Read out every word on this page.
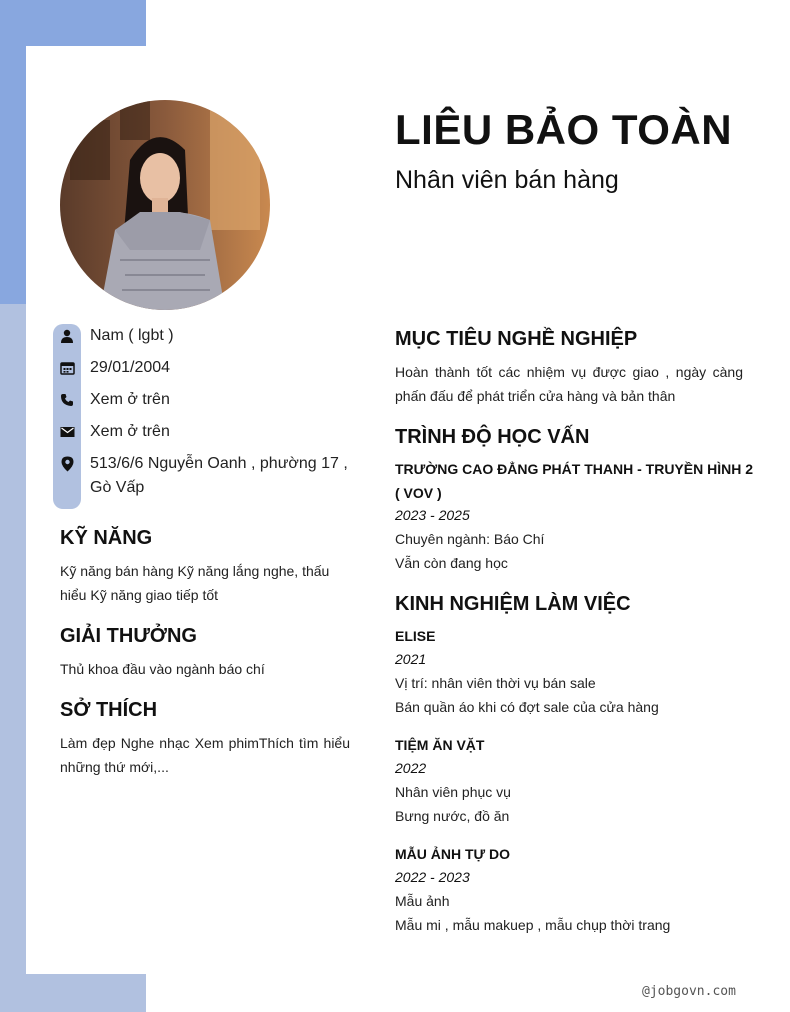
LIÊU BẢO TOÀN
Nhân viên bán hàng
Nam ( lgbt )
29/01/2004
Xem ở trên
Xem ở trên
513/6/6 Nguyễn Oanh , phường 17 , Gò Vấp
KỸ NĂNG
Kỹ năng bán hàng Kỹ năng lắng nghe, thấu hiểu Kỹ năng giao tiếp tốt
GIẢI THƯỞNG
Thủ khoa đầu vào ngành báo chí
SỞ THÍCH
Làm đẹp Nghe nhạc Xem phimThích tìm hiểu những thứ mới,...
MỤC TIÊU NGHỀ NGHIỆP
Hoàn thành tốt các nhiệm vụ được giao , ngày càng phấn đấu để phát triển cửa hàng và bản thân
TRÌNH ĐỘ HỌC VẤN
TRƯỜNG CAO ĐẲNG PHÁT THANH - TRUYỀN HÌNH 2 ( VOV )
2023 - 2025
Chuyên ngành: Báo Chí
Vẫn còn đang học
KINH NGHIỆM LÀM VIỆC
ELISE
2021
Vị trí: nhân viên thời vụ bán sale
Bán quần áo khi có đợt sale của cửa hàng
TIỆM ĂN VẶT
2022
Nhân viên phục vụ
Bưng nước, đồ ăn
MẪU ẢNH TỰ DO
2022 - 2023
Mẫu ảnh
Mẫu mi , mẫu makuep , mẫu chụp thời trang
@jobgovn.com
